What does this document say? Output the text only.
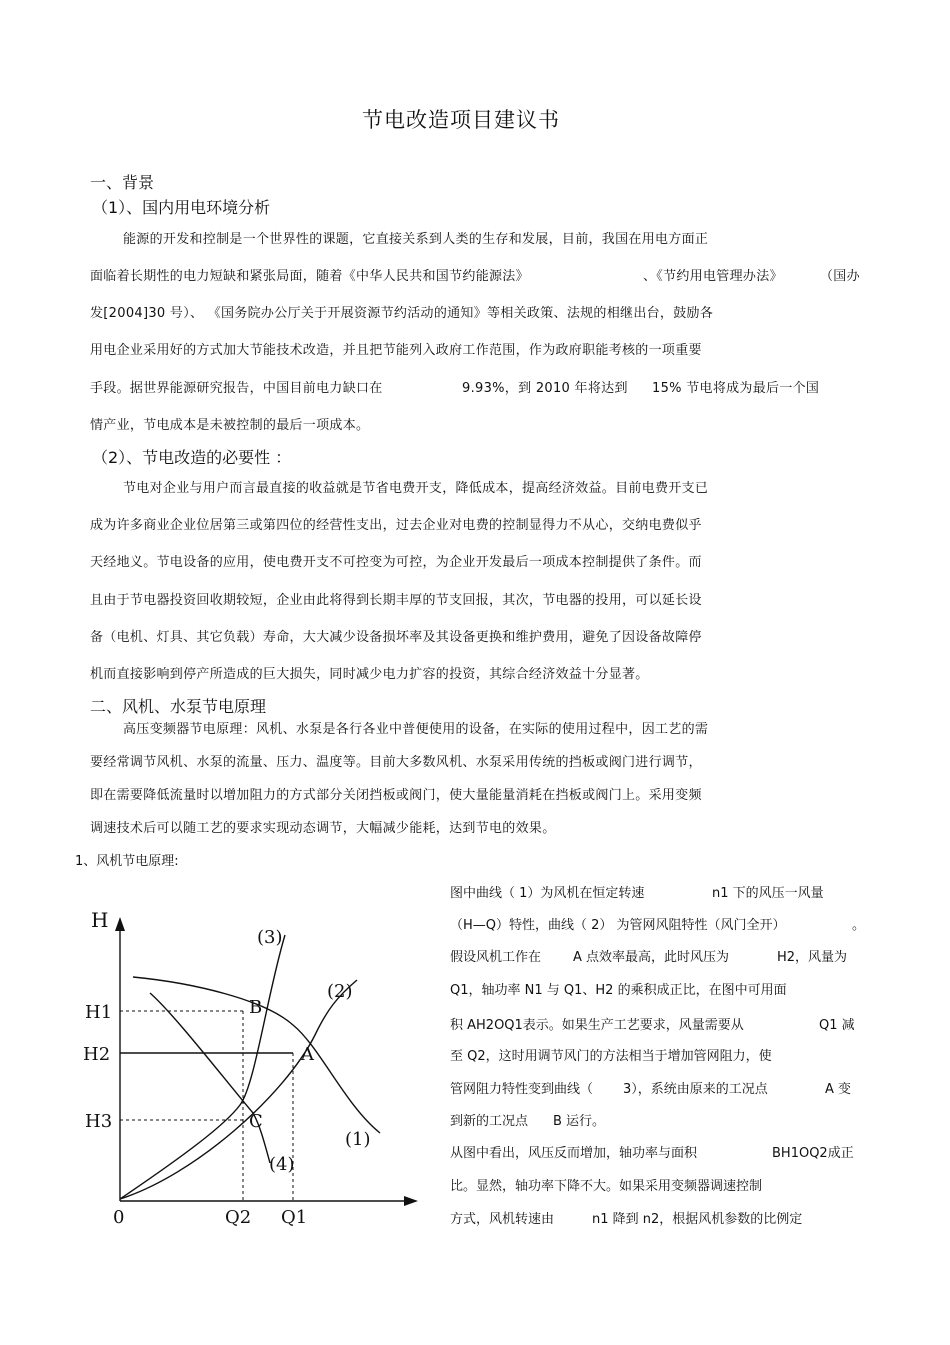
节电改造项目建议书
一、背景
（1）、国内用电环境分析
能源的开发和控制是一个世界性的课题，它直接关系到人类的生存和发展，目前，我国在用电方面正
面临着长期性的电力短缺和紧张局面，随着《中华人民共和国节约能源法》	、《节约用电管理办法》	（国办
发[2004]30 号）、 《国务院办公厅关于开展资源节约活动的通知》等相关政策、法规的相继出台，鼓励各
用电企业采用好的方式加大节能技术改造，并且把节能列入政府工作范围，作为政府职能考核的一项重要
手段。据世界能源研究报告，中国目前电力缺口在	9.93%，到 2010 年将达到 15% 节电将成为最后一个国
情产业，节电成本是未被控制的最后一项成本。
（2）、节电改造的必要性 ：
节电对企业与用户而言最直接的收益就是节省电费开支，降低成本，提高经济效益。目前电费开支已
成为许多商业企业位居第三或第四位的经营性支出，过去企业对电费的控制显得力不从心，交纳电费似乎
天经地义。节电设备的应用，使电费开支不可控变为可控，为企业开发最后一项成本控制提供了条件。而
且由于节电器投资回收期较短，企业由此将得到长期丰厚的节支回报，其次，节电器的投用，可以延长设
备（电机、灯具、其它负载）寿命，大大减少设备损坏率及其设备更换和维护费用，避免了因设备故障停
机而直接影响到停产所造成的巨大损失，同时减少电力扩容的投资，其综合经济效益十分显著。
二、风机、水泵节电原理
高压变频器节电原理：风机、水泵是各行各业中普便使用的设备，在实际的使用过程中，因工艺的需
要经常调节风机、水泵的流量、压力、温度等。目前大多数风机、水泵采用传统的挡板或阀门进行调节，
即在需要降低流量时以增加阻力的方式部分关闭挡板或阀门，使大量能量消耗在挡板或阀门上。采用变频
调速技术后可以随工艺的要求实现动态调节，大幅减少能耗，达到节电的效果。
1、风机节电原理:
图中曲线（ 1）为风机在恒定转速	n1 下的风压一风量
（H—Q）特性，曲线（ 2） 为管网风阻特性（风门全开）	。
假设风机工作在 A 点效率最高，此时风压为	H2，风量为
Q1，轴功率 N1 与 Q1、H2 的乘积成正比，在图中可用面
积 AH2OQ1表示。如果生产工艺要求，风量需要从	Q1 减
至 Q2，这时用调节风门的方法相当于增加管网阻力，使
管网阻力特性变到曲线（ 3），系统由原来的工况点	A 变
到新的工况点 B 运行。
从图中看出，风压反而增加，轴功率与面积	BH1OQ2成正
比。显然，轴功率下降不大。如果采用变频器调速控制
方式，风机转速由	n1 降到 n2，根据风机参数的比例定
H
0	Q2 Q1
H1
H2
H3
A
B
C
(1)
(2)
(3)
(4)
